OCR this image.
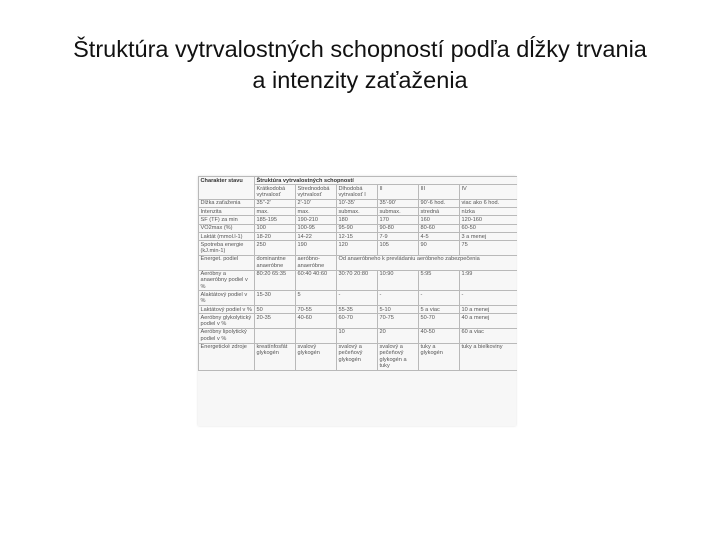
Štruktúra vytrvalostných schopností podľa dĺžky trvania
a intenzity zaťaženia
Charakter stavu	Štruktúra vytrvalostných schopností					
	Krátkodobá vytrvalosť	Strednodobá vytrvalosť	Dlhodobá vytrvalosť I	II	III	IV
Dĺžka zaťaženia	35"-2'	2'-10'	10'-35'	35'-90'	90'-6 hod.	viac ako 6 hod.
Intenzita	max.	max.	submax.	submax.	stredná	nízka
SF (TF) za min	185-195	190-210	180	170	160	120-160
VO2max (%)	100	100-95	95-90	90-80	80-60	60-50
Laktát (mmol.l-1)	18-20	14-22	12-15	7-9	4-5	3 a menej
Spotreba energie (kJ.min-1)	250	190	120	105	90	75
Energet. podiel	dominantne anaeróbne	aeróbno-anaeróbne	Od anaeróbneho k prevládaniu aeróbneho zabezpečenia			
Aeróbny a anaeróbny podiel v %	80:20 65:35	60:40 40:60	30:70 20:80	10:90	5:95	1:99
Alaktátový podiel v %	15-30	5	-	-	-	-
Laktátový podiel v %	50	70-55	55-35	5-10	5 a viac	10 a menej
Aeróbny glykolytický podiel v %	20-35	40-60	60-70	70-75	50-70	40 a menej
Aeróbny lipolytický podiel v %			10	20	40-50	60 a viac
Energetické zdroje	kreatínfosfát glykogén	svalový glykogén	svalový a pečeňový glykogén	svalový a pečeňový glykogén a tuky	tuky a glykogén	tuky a bielkoviny
